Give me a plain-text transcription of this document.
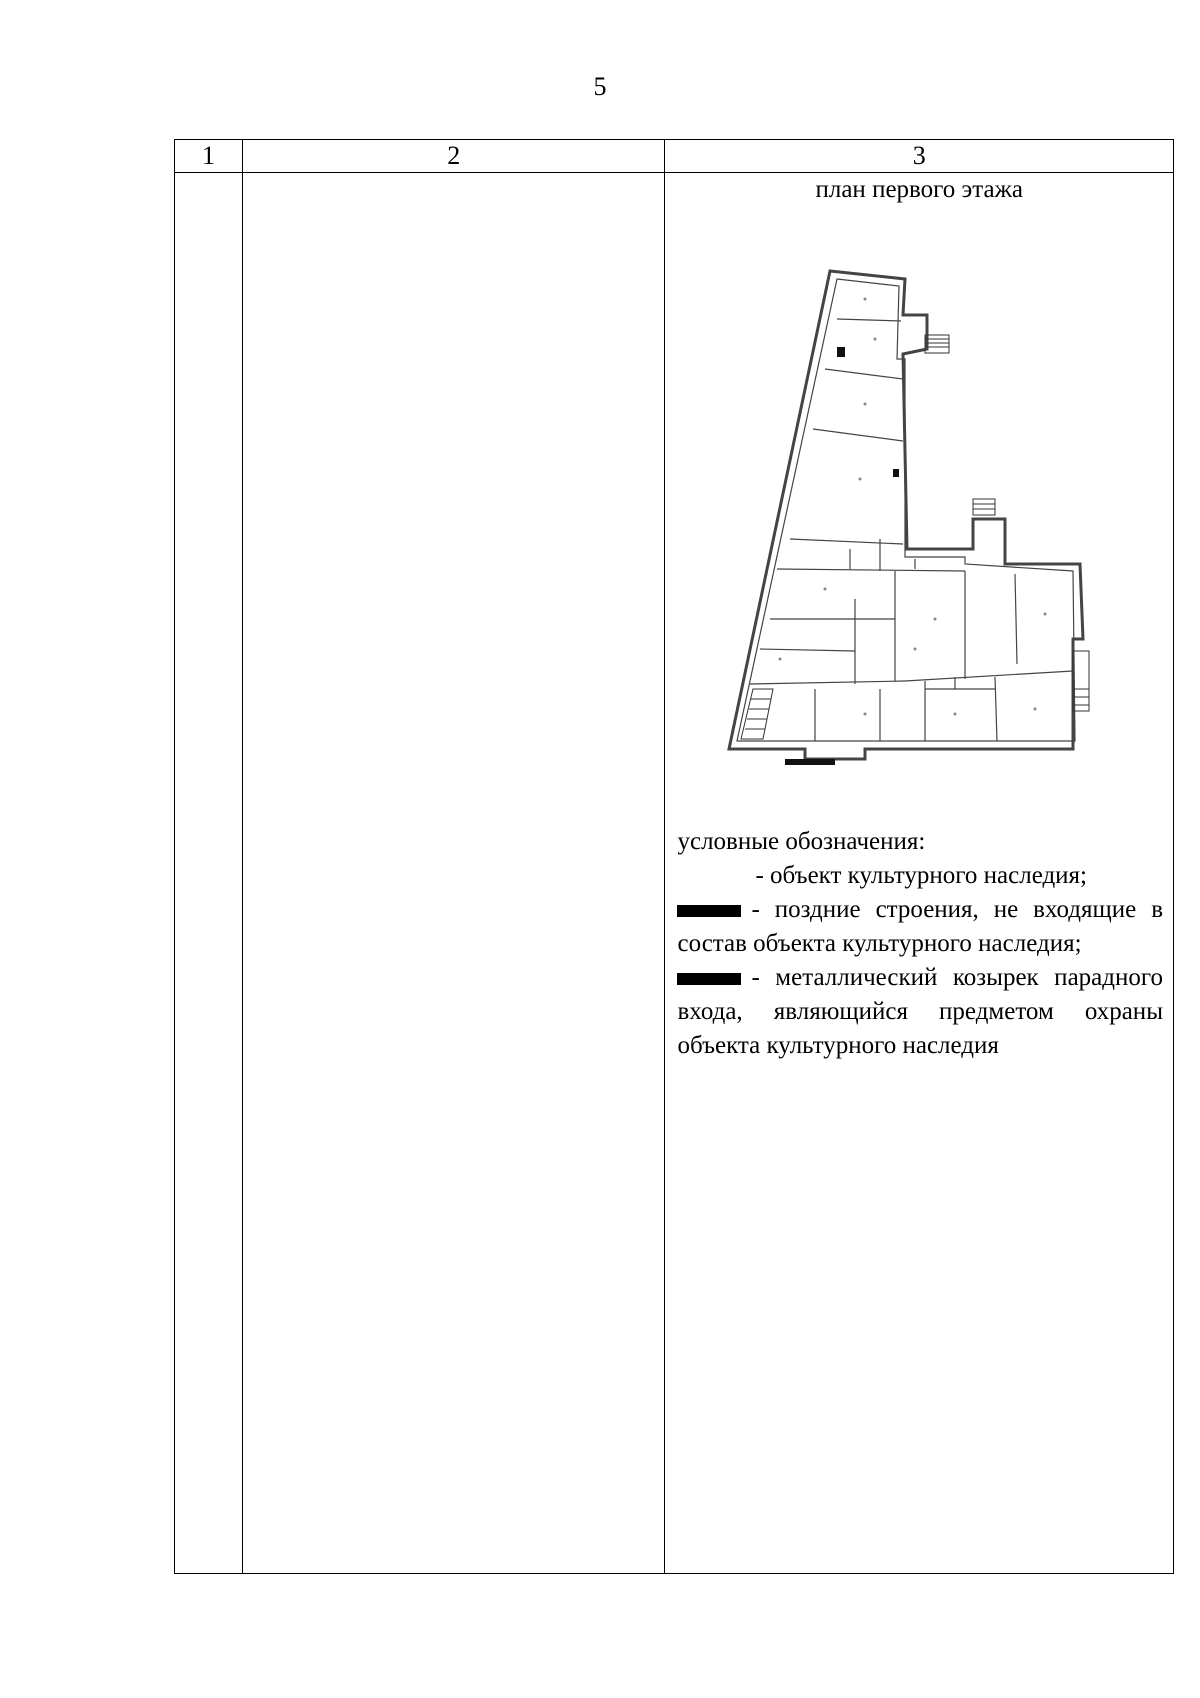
5
1	2	3

		план первого этажа

условные обозначения:

- объект культурного наследия;

- поздние строения, не входящие в состав объекта культурного наследия;

- металлический козырек парадного входа, являющийся предметом охраны объекта культурного наследия
